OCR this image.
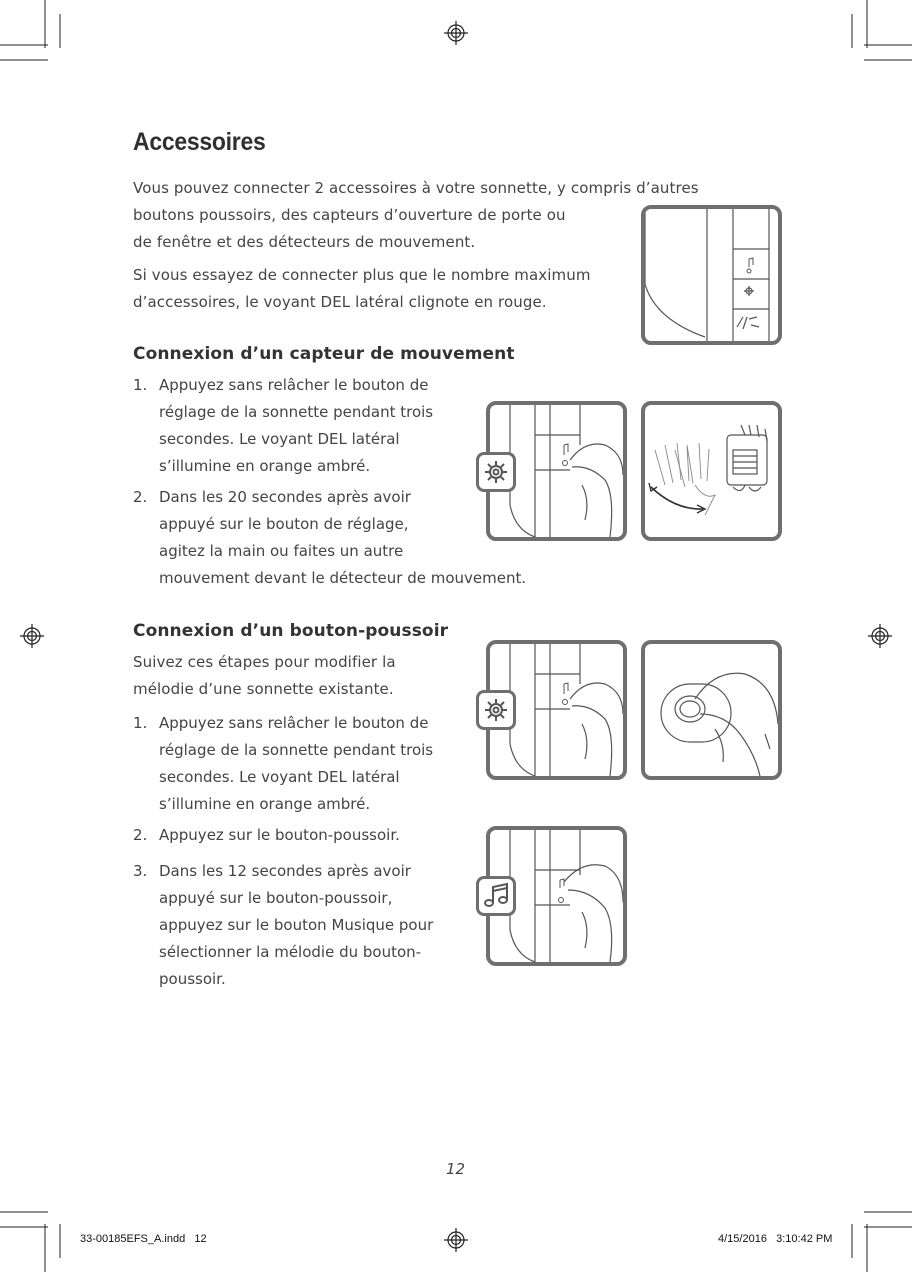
Accessoires
Vous pouvez connecter 2 accessoires à votre sonnette, y compris d’autres
boutons poussoirs, des capteurs d’ouverture de porte ou
de fenêtre et des détecteurs de mouvement.
Si vous essayez de connecter plus que le nombre maximum
d’accessoires, le voyant DEL latéral clignote en rouge.
Connexion d’un capteur de mouvement
1. Appuyez sans relâcher le bouton de
réglage de la sonnette pendant trois
secondes. Le voyant DEL latéral
s’illumine en orange ambré.
2. Dans les 20 secondes après avoir
appuyé sur le bouton de réglage,
agitez la main ou faites un autre
mouvement devant le détecteur de mouvement.
Connexion d’un bouton-poussoir
Suivez ces étapes pour modifier la
mélodie d’une sonnette existante.
1. Appuyez sans relâcher le bouton de
réglage de la sonnette pendant trois
secondes. Le voyant DEL latéral
s’illumine en orange ambré.
2. Appuyez sur le bouton-poussoir.
3. Dans les 12 secondes après avoir
appuyé sur le bouton-poussoir,
appuyez sur le bouton Musique pour
sélectionner la mélodie du bouton-
poussoir.
12
33-00185EFS_A.indd   12	4/15/2016   3:10:42 PM
